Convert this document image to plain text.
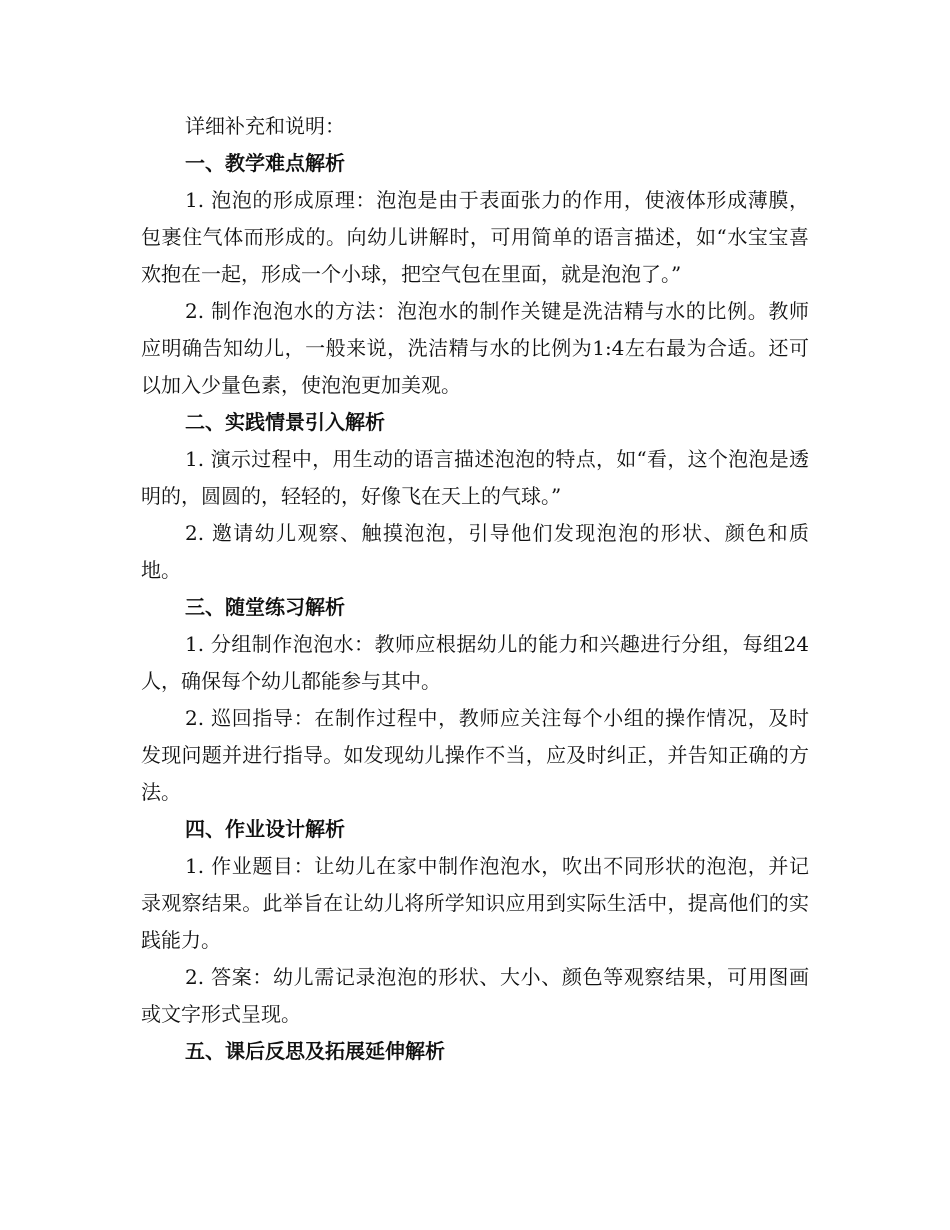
详细补充和说明：

一、教学难点解析

1. 泡泡的形成原理：泡泡是由于表面张力的作用，使液体形成薄膜，包裹住气体而形成的。向幼儿讲解时，可用简单的语言描述，如“水宝宝喜欢抱在一起，形成一个小球，把空气包在里面，就是泡泡了。”

2. 制作泡泡水的方法：泡泡水的制作关键是洗洁精与水的比例。教师应明确告知幼儿，一般来说，洗洁精与水的比例为1:4左右最为合适。还可以加入少量色素，使泡泡更加美观。

二、实践情景引入解析

1. 演示过程中，用生动的语言描述泡泡的特点，如“看，这个泡泡是透明的，圆圆的，轻轻的，好像飞在天上的气球。”

2. 邀请幼儿观察、触摸泡泡，引导他们发现泡泡的形状、颜色和质地。

三、随堂练习解析

1. 分组制作泡泡水：教师应根据幼儿的能力和兴趣进行分组，每组24人，确保每个幼儿都能参与其中。

2. 巡回指导：在制作过程中，教师应关注每个小组的操作情况，及时发现问题并进行指导。如发现幼儿操作不当，应及时纠正，并告知正确的方法。

四、作业设计解析

1. 作业题目：让幼儿在家中制作泡泡水，吹出不同形状的泡泡，并记录观察结果。此举旨在让幼儿将所学知识应用到实际生活中，提高他们的实践能力。

2. 答案：幼儿需记录泡泡的形状、大小、颜色等观察结果，可用图画或文字形式呈现。

五、课后反思及拓展延伸解析
